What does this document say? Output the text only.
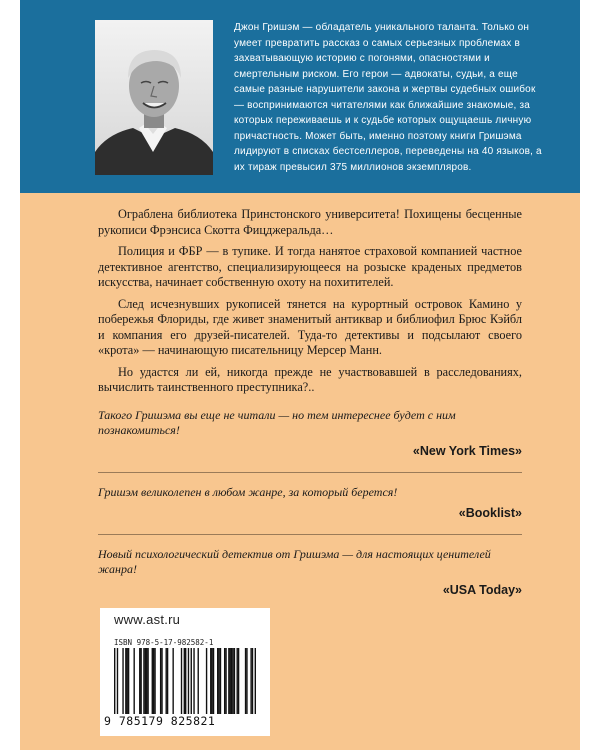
Джон Гришэм — обладатель уникального таланта. Только он умеет превратить рассказ о самых серьезных проблемах в захватывающую историю с погонями, опасностями и смертельным риском. Его герои — адвокаты, судьи, а еще самые разные нарушители закона и жертвы судебных ошибок — воспринимаются читателями как ближайшие знакомые, за которых переживаешь и к судьбе которых ощущаешь личную причастность. Может быть, именно поэтому книги Гришэма лидируют в списках бестселлеров, переведены на 40 языков, а их тираж превысил 375 миллионов экземпляров.

Ограблена библиотека Принстонского университета! Похищены бесценные рукописи Фрэнсиса Скотта Фицджеральда…

Полиция и ФБР — в тупике. И тогда нанятое страховой компанией частное детективное агентство, специализирующееся на розыске краденых предметов искусства, начинает собственную охоту на похитителей.

След исчезнувших рукописей тянется на курортный островок Камино у побережья Флориды, где живет знаменитый антиквар и библиофил Брюс Кэйбл и компания его друзей-писателей. Туда-то детективы и подсылают своего «крота» — начинающую писательницу Мерсер Манн.

Но удастся ли ей, никогда прежде не участвовавшей в расследованиях, вычислить таинственного преступника?..

Такого Гришэма вы еще не читали — но тем интереснее будет с ним познакомиться!

«New York Times»

Гришэм великолепен в любом жанре, за который берется!

«Booklist»

Новый психологический детектив от Гришэма — для настоящих ценителей жанра!

«USA Today»

www.ast.ru

ISBN 978-5-17-982582-1

9 785179 825821
